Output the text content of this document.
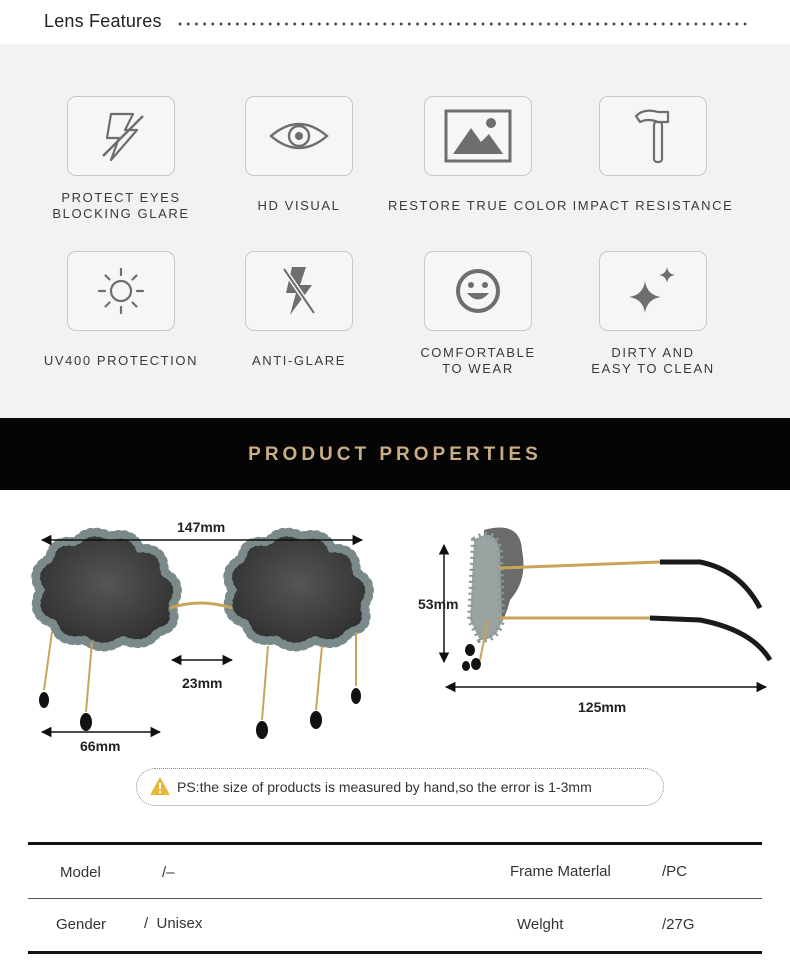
Lens Features
PROTECT EYES
BLOCKING GLARE
HD VISUAL	RESTORE TRUE COLOR IMPACT RESISTANCE
UV400 PROTECTION	ANTI-GLARE
COMFORTABLE
TO WEAR
DIRTY AND
EASY TO CLEAN
PRODUCT PROPERTIES
147mm
23mm
66mm
53mm
125mm
PS:the size of products is measured by hand,so the error is 1-3mm
Model	/–	Frame Materlal	/PC
Gender	/  Unisex	Welght	/27G
